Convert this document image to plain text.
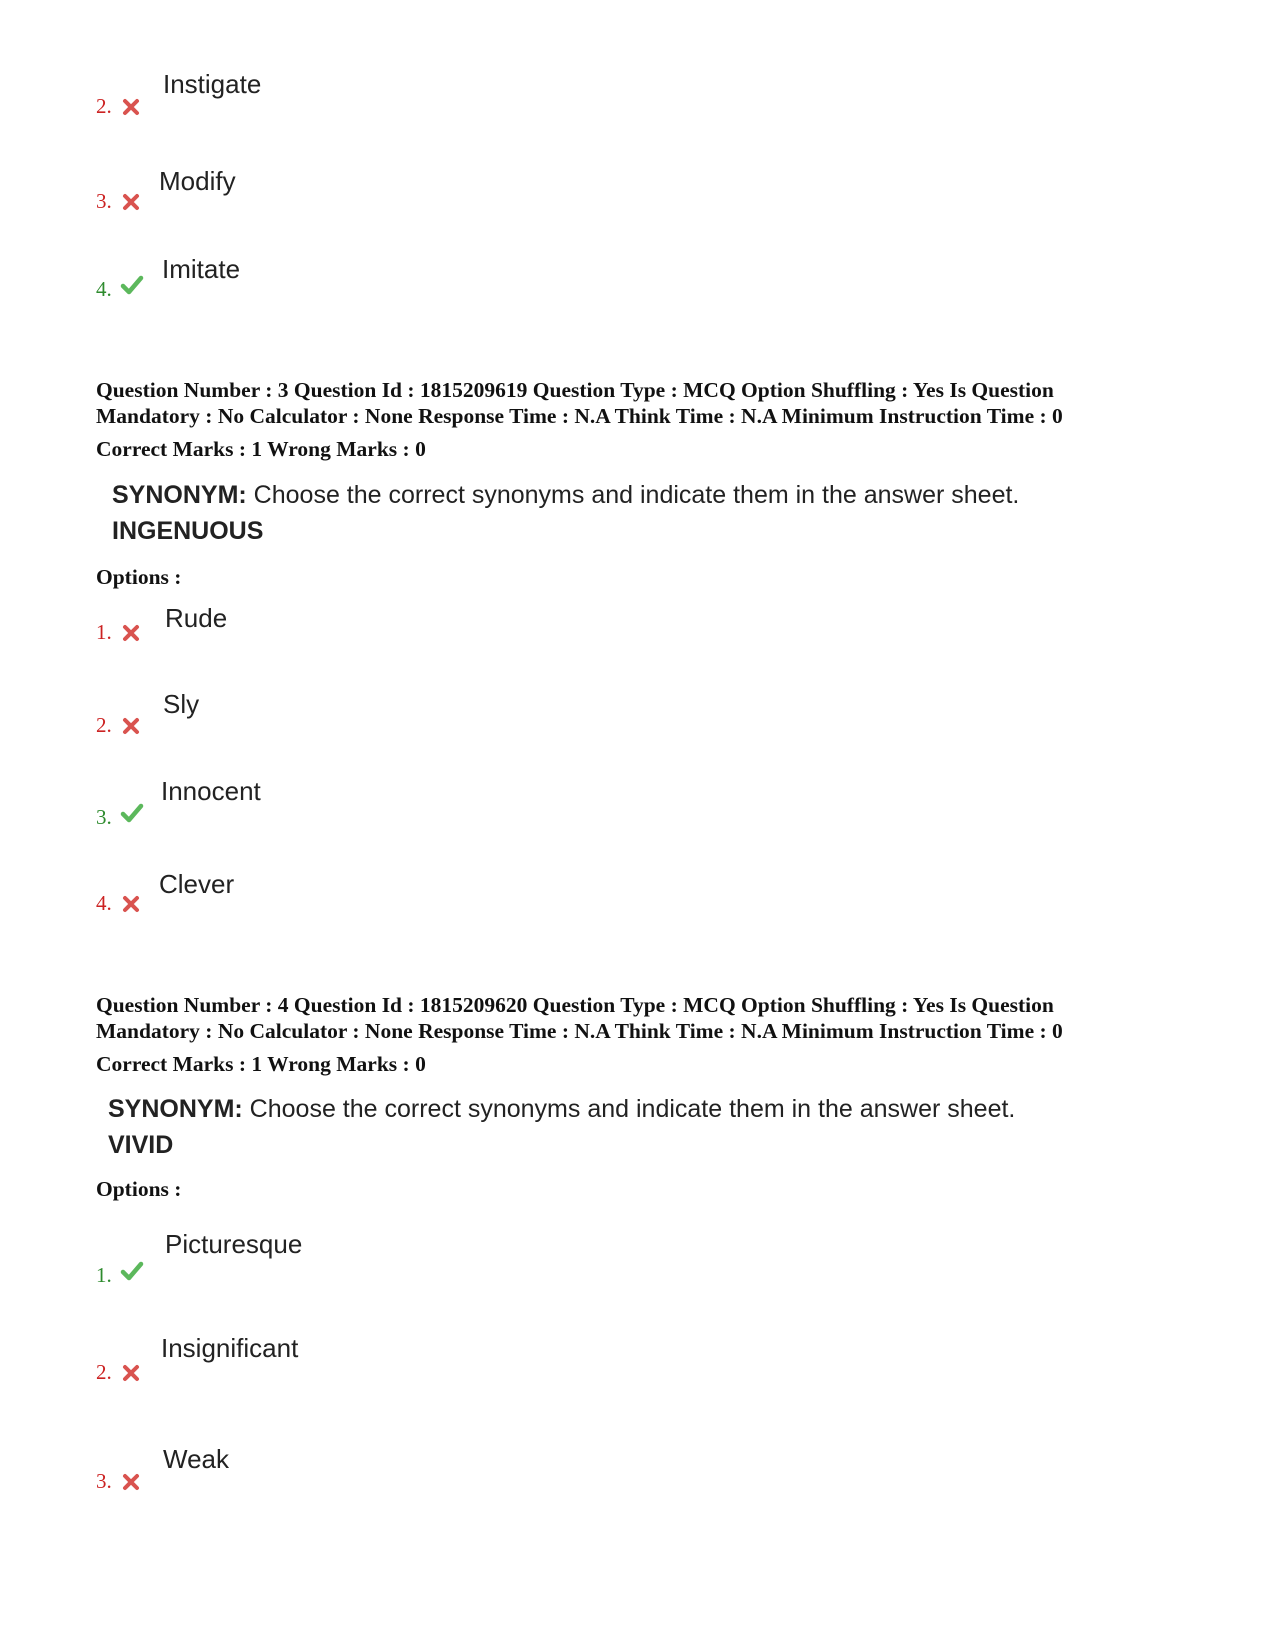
2.
Instigate
3.
Modify
4.
Imitate
Question Number : 3 Question Id : 1815209619 Question Type : MCQ Option Shuffling : Yes Is Question
Mandatory : No Calculator : None Response Time : N.A Think Time : N.A Minimum Instruction Time : 0
Correct Marks : 1 Wrong Marks : 0
SYNONYM: Choose the correct synonyms and indicate them in the answer sheet.
INGENUOUS
Options :
1. Rude
2.
Sly
3.
Innocent
4.
Clever
Question Number : 4 Question Id : 1815209620 Question Type : MCQ Option Shuffling : Yes Is Question
Mandatory : No Calculator : None Response Time : N.A Think Time : N.A Minimum Instruction Time : 0
Correct Marks : 1 Wrong Marks : 0
SYNONYM: Choose the correct synonyms and indicate them in the answer sheet.
VIVID
Options :
1.
Picturesque
2.
Insignificant
3.
Weak
